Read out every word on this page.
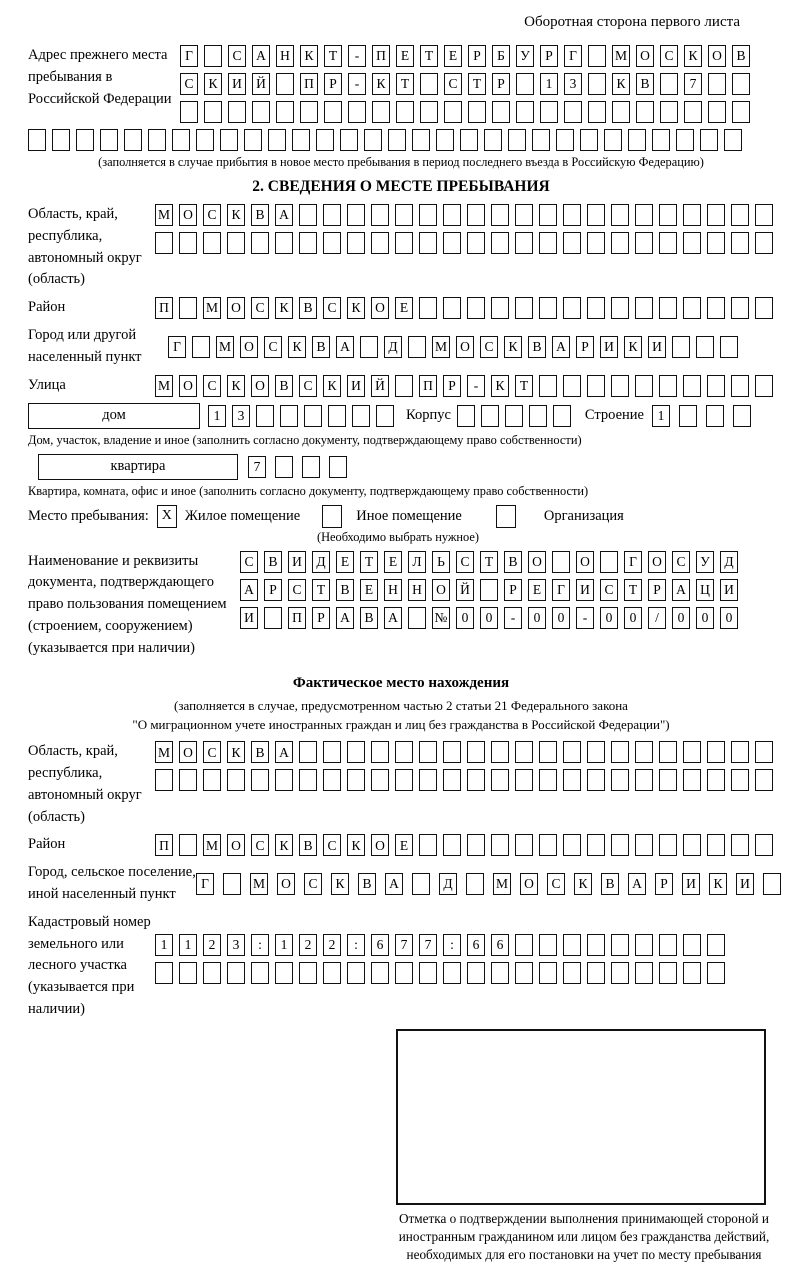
Оборотная сторона первого листа
Адрес прежнего места пребывания в Российской Федерации
Г	С	А	Н	К	Т	-	П	Е	Т	Е	Р	Б	У	Р	Г	М О	С	К	О	В
С	К	И	Й	П	Р	-	К	Т	С	Т	Р	1	3	К	В	7
(заполняется в случае прибытия в новое место пребывания в период последнего въезда в Российскую Федерацию)
2. СВЕДЕНИЯ О МЕСТЕ ПРЕБЫВАНИЯ
Область, край, республика, автономный округ (область)
М О	С	К	В	А
Район	П	М О	С	К	В	С	К	О	Е
Город или другой населенный пункт
Г	М О	С	К	В	А	Д	М О	С	К	В	А	Р	И	К	И
Улица	М О	С	К	О	В	С	К	И	Й	П	Р	-	К	Т
дом	1	3	Корпус	Строение	1
Дом, участок, владение и иное (заполнить согласно документу, подтверждающему право собственности)
квартира	7
Квартира, комната, офис и иное (заполнить согласно документу, подтверждающему право собственности)
Место пребывания: X Жилое помещение	Иное помещение	Организация
(Необходимо выбрать нужное)
Наименование и реквизиты документа, подтверждающего право пользования помещением (строением, сооружением) (указывается при наличии)
С	В	И	Д	Е	Т	Е	Л	Ь	С	Т	В	О	О	Г	О	С	У	Д
А	Р	С	Т	В	Е	Н	Н	О	Й	Р	Е	Г	И	С	Т	Р	А	Ц	И
И	П	Р	А	В	А	№	0	0	-	0	0	-	0	0	/	0	0	0
Фактическое место нахождения
(заполняется в случае, предусмотренном частью 2 статьи 21 Федерального закона
"О миграционном учете иностранных граждан и лиц без гражданства в Российской Федерации")
Область, край, республика, автономный округ (область)
М О	С	К	В	А
Район	П	М О	С	К	В	С	К	О	Е
Город, сельское поселение, иной населенный пункт
Г	М	О	С	К	В	А	Д	М	О	С	К	В	А	Р	И	К	И
Кадастровый номер земельного или лесного участка (указывается при наличии)
1	1	2	3	:	1	2	2	:	6	7	7	:	6	6
Отметка о подтверждении выполнения принимающей стороной и иностранным гражданином или лицом без гражданства действий, необходимых для его постановки на учет по месту пребывания
